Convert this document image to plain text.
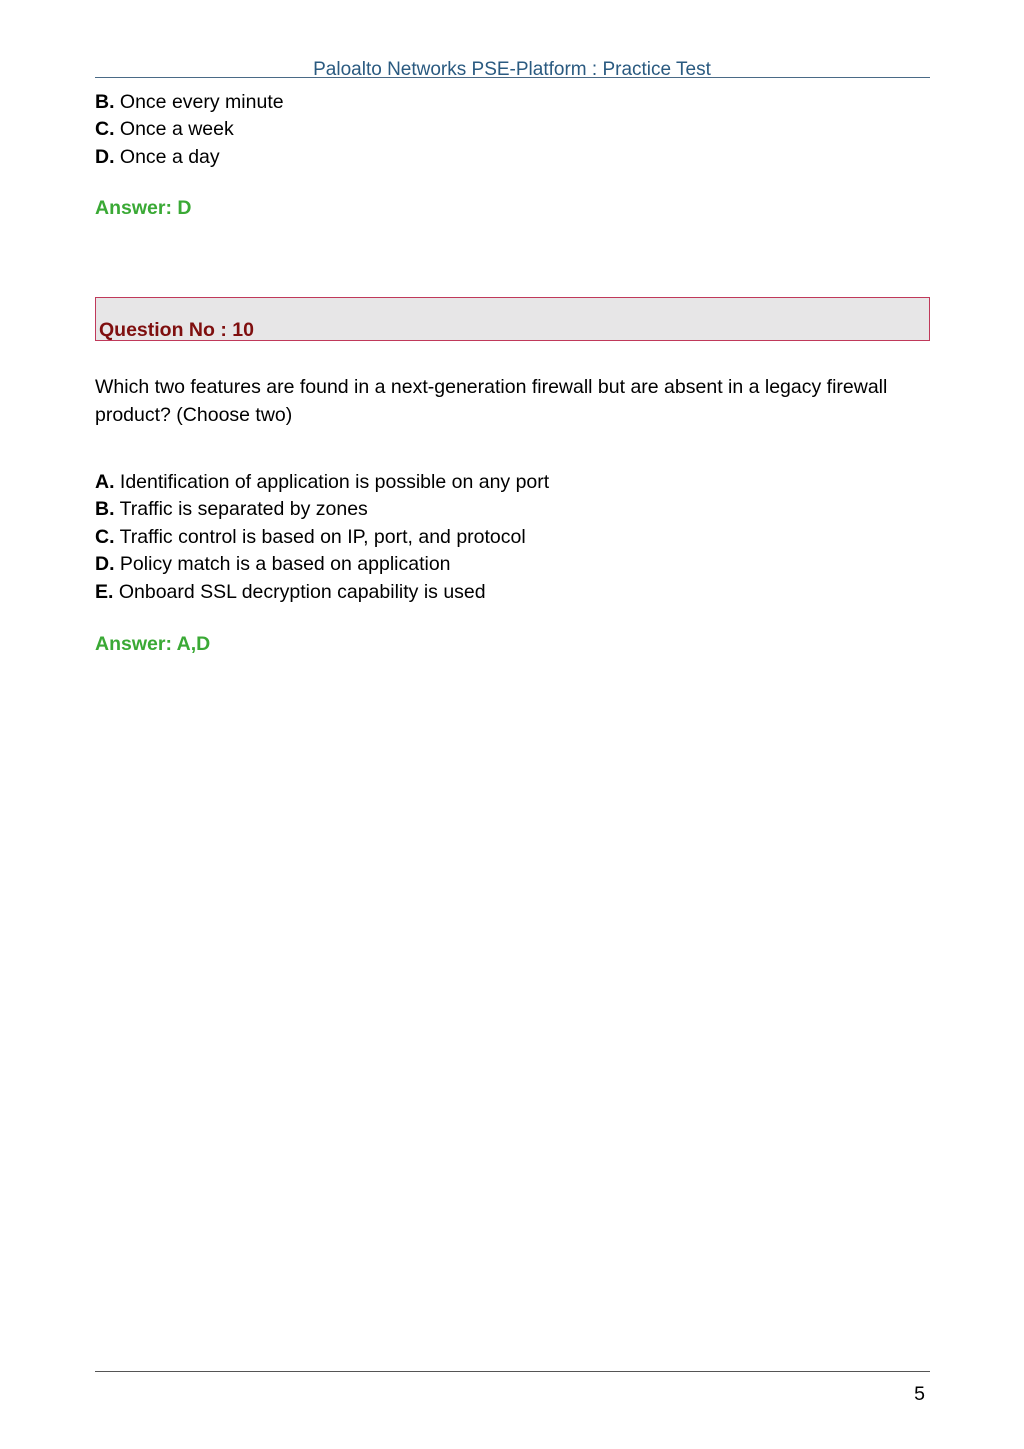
Paloalto Networks PSE-Platform : Practice Test
B. Once every minute
C. Once a week
D. Once a day
Answer: D
Question No : 10
Which two features are found in a next-generation firewall but are absent in a legacy firewall product? (Choose two)
A. Identification of application is possible on any port
B. Traffic is separated by zones
C. Traffic control is based on IP, port, and protocol
D. Policy match is a based on application
E. Onboard SSL decryption capability is used
Answer: A,D
5
